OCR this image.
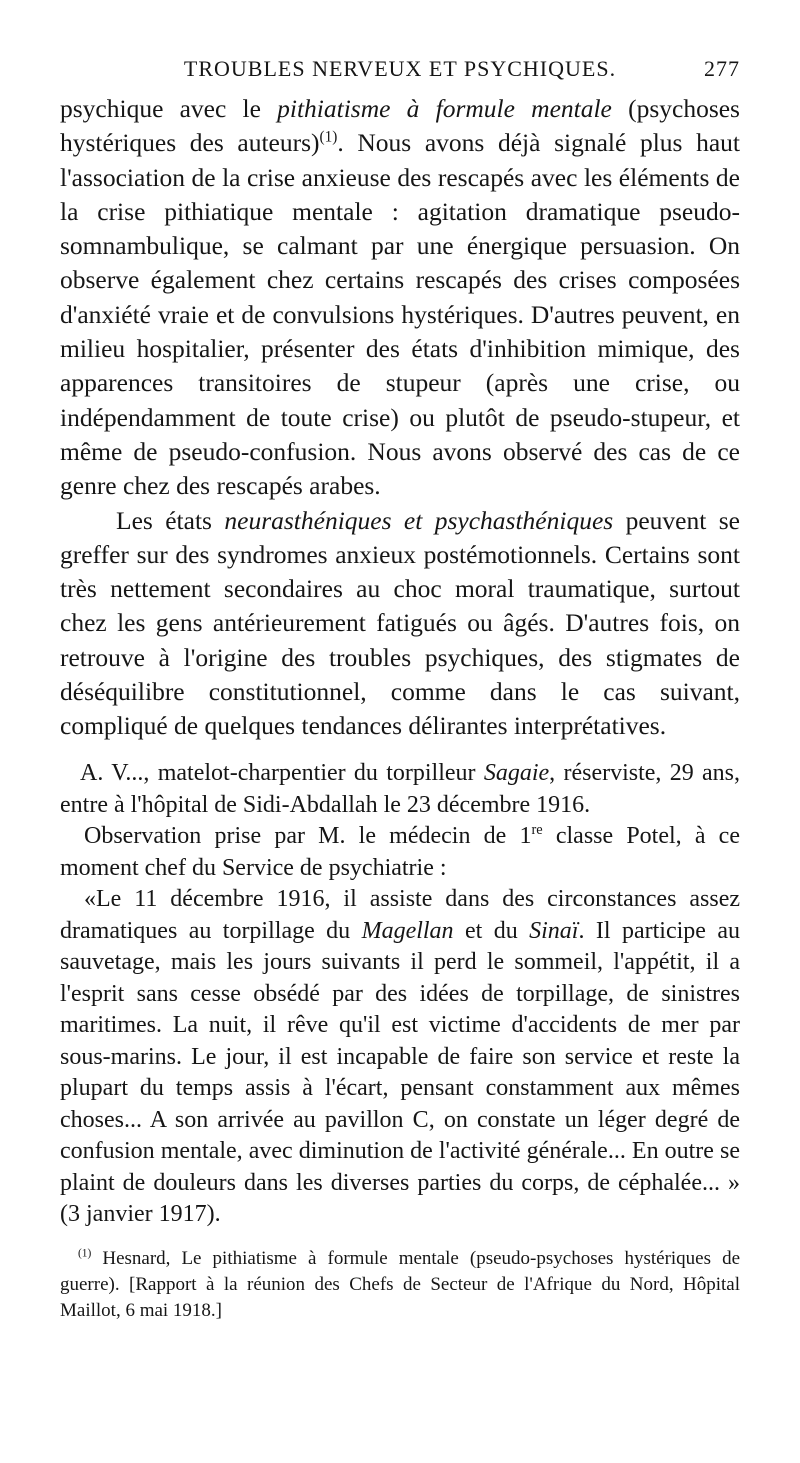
TROUBLES NERVEUX ET PSYCHIQUES.	277

psychique avec le pithiatisme à formule mentale (psychoses hystériques des auteurs)$^{(1)}$. Nous avons déjà signalé plus haut l'association de la crise anxieuse des rescapés avec les éléments de la crise pithiatique mentale : agitation dramatique pseudo-somnambulique, se calmant par une énergique persuasion. On observe également chez certains rescapés des crises composées d'anxiété vraie et de convulsions hystériques. D'autres peuvent, en milieu hospitalier, présenter des états d'inhibition mimique, des apparences transitoires de stupeur (après une crise, ou indépendamment de toute crise) ou plutôt de pseudo-stupeur, et même de pseudo-confusion. Nous avons observé des cas de ce genre chez des rescapés arabes.

Les états neurasthéniques et psychasthéniques peuvent se greffer sur des syndromes anxieux postémotionnels. Certains sont très nettement secondaires au choc moral traumatique, surtout chez les gens antérieurement fatigués ou âgés. D'autres fois, on retrouve à l'origine des troubles psychiques, des stigmates de déséquilibre constitutionnel, comme dans le cas suivant, compliqué de quelques tendances délirantes interprétatives.

A. V..., matelot-charpentier du torpilleur Sagaie, réserviste, 29 ans, entre à l'hôpital de Sidi-Abdallah le 23 décembre 1916.

Observation prise par M. le médecin de 1re classe Potel, à ce moment chef du Service de psychiatrie :

«Le 11 décembre 1916, il assiste dans des circonstances assez dramatiques au torpillage du Magellan et du Sinaï. Il participe au sauvetage, mais les jours suivants il perd le sommeil, l'appétit, il a l'esprit sans cesse obsédé par des idées de torpillage, de sinistres maritimes. La nuit, il rêve qu'il est victime d'accidents de mer par sous-marins. Le jour, il est incapable de faire son service et reste la plupart du temps assis à l'écart, pensant constamment aux mêmes choses... A son arrivée au pavillon C, on constate un léger degré de confusion mentale, avec diminution de l'activité générale... En outre se plaint de douleurs dans les diverses parties du corps, de céphalée... » (3 janvier 1917).

$^{(1)}$ Hesnard, Le pithiatisme à formule mentale (pseudo-psychoses hystériques de guerre). [Rapport à la réunion des Chefs de Secteur de l'Afrique du Nord, Hôpital Maillot, 6 mai 1918.]
